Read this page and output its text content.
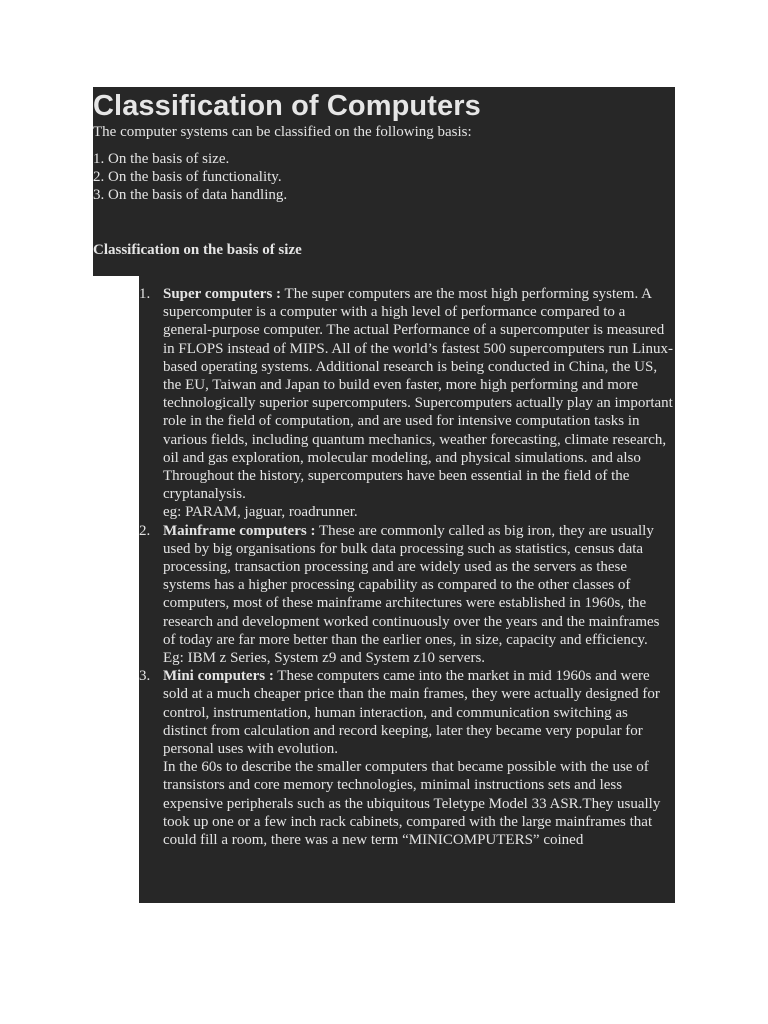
Classification of Computers

The computer systems can be classified on the following basis:

1. On the basis of size.
2. On the basis of functionality.
3. On the basis of data handling.

Classification on the basis of size

1. Super computers : The super computers are the most high performing system. A supercomputer is a computer with a high level of performance compared to a general-purpose computer. The actual Performance of a supercomputer is measured in FLOPS instead of MIPS. All of the world’s fastest 500 supercomputers run Linux-based operating systems. Additional research is being conducted in China, the US, the EU, Taiwan and Japan to build even faster, more high performing and more technologically superior supercomputers. Supercomputers actually play an important role in the field of computation, and are used for intensive computation tasks in various fields, including quantum mechanics, weather forecasting, climate research, oil and gas exploration, molecular modeling, and physical simulations. and also Throughout the history, supercomputers have been essential in the field of the cryptanalysis.
eg: PARAM, jaguar, roadrunner.
2. Mainframe computers : These are commonly called as big iron, they are usually used by big organisations for bulk data processing such as statistics, census data processing, transaction processing and are widely used as the servers as these systems has a higher processing capability as compared to the other classes of computers, most of these mainframe architectures were established in 1960s, the research and development worked continuously over the years and the mainframes of today are far more better than the earlier ones, in size, capacity and efficiency.
Eg: IBM z Series, System z9 and System z10 servers.
3. Mini computers : These computers came into the market in mid 1960s and were sold at a much cheaper price than the main frames, they were actually designed for control, instrumentation, human interaction, and communication switching as distinct from calculation and record keeping, later they became very popular for personal uses with evolution.
In the 60s to describe the smaller computers that became possible with the use of transistors and core memory technologies, minimal instructions sets and less expensive peripherals such as the ubiquitous Teletype Model 33 ASR.They usually took up one or a few inch rack cabinets, compared with the large mainframes that could fill a room, there was a new term “MINICOMPUTERS” coined
